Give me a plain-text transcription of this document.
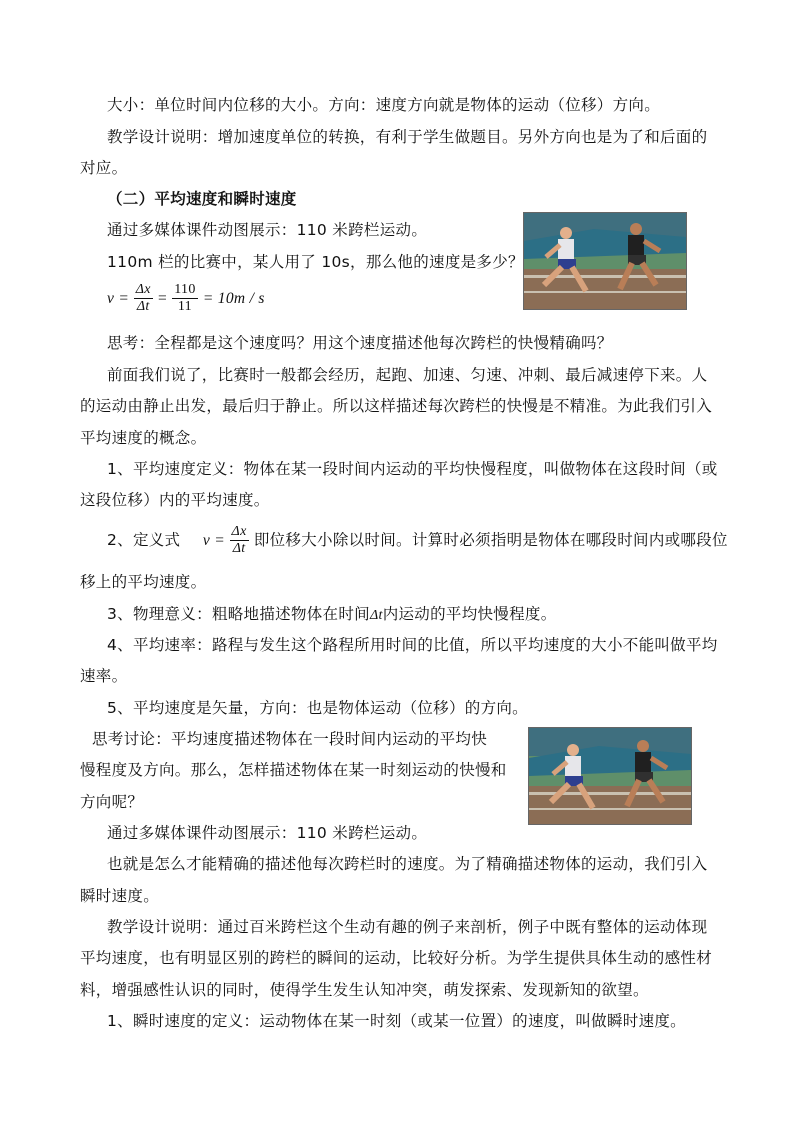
大小：单位时间内位移的大小。方向：速度方向就是物体的运动（位移）方向。
教学设计说明：增加速度单位的转换，有利于学生做题目。另外方向也是为了和后面的
对应。
（二）平均速度和瞬时速度
通过多媒体课件动图展示：110 米跨栏运动。
110m 栏的比赛中，某人用了 10s，那么他的速度是多少？
$v = \frac{\Delta x}{\Delta t} = \frac{110}{11} = 10m / s$
思考：全程都是这个速度吗？用这个速度描述他每次跨栏的快慢精确吗？
前面我们说了，比赛时一般都会经历，起跑、加速、匀速、冲刺、最后减速停下来。人
的运动由静止出发，最后归于静止。所以这样描述每次跨栏的快慢是不精准。为此我们引入
平均速度的概念。
1、平均速度定义：物体在某一段时间内运动的平均快慢程度，叫做物体在这段时间（或
这段位移）内的平均速度。
2、定义式 $v = \frac{\Delta x}{\Delta t}$ 即位移大小除以时间。计算时必须指明是物体在哪段时间内或哪段位
移上的平均速度。
3、物理意义：粗略地描述物体在时间Δt内运动的平均快慢程度。
4、平均速率：路程与发生这个路程所用时间的比值，所以平均速度的大小不能叫做平均
速率。
5、平均速度是矢量，方向：也是物体运动（位移）的方向。
思考讨论：平均速度描述物体在一段时间内运动的平均快
慢程度及方向。那么，怎样描述物体在某一时刻运动的快慢和
方向呢？
通过多媒体课件动图展示：110 米跨栏运动。
也就是怎么才能精确的描述他每次跨栏时的速度。为了精确描述物体的运动，我们引入
瞬时速度。
教学设计说明：通过百米跨栏这个生动有趣的例子来剖析，例子中既有整体的运动体现
平均速度，也有明显区别的跨栏的瞬间的运动，比较好分析。为学生提供具体生动的感性材
料，增强感性认识的同时，使得学生发生认知冲突，萌发探索、发现新知的欲望。
1、瞬时速度的定义：运动物体在某一时刻（或某一位置）的速度，叫做瞬时速度。
